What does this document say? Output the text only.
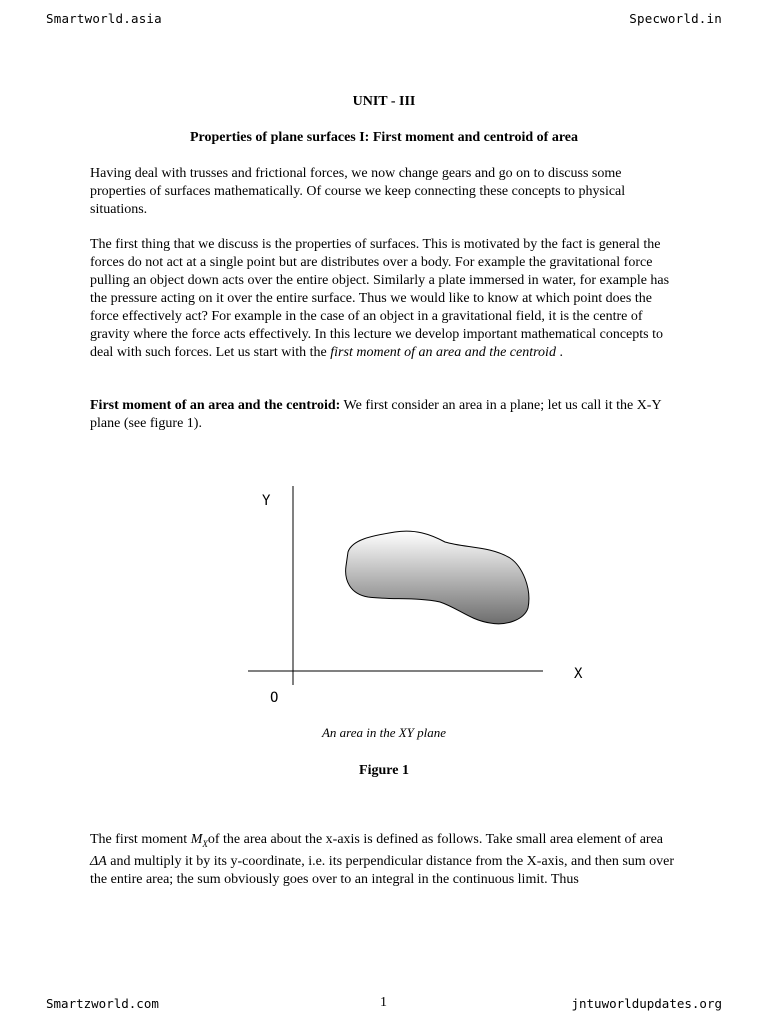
Smartworld.asia	Specworld.in
UNIT - III
Properties of plane surfaces I: First moment and centroid of area

Having deal with trusses and frictional forces, we now change gears and go on to discuss some properties of surfaces mathematically. Of course we keep connecting these concepts to physical situations.

The first thing that we discuss is the properties of surfaces. This is motivated by the fact is general the forces do not act at a single point but are distributes over a body. For example the gravitational force pulling an object down acts over the entire object. Similarly a plate immersed in water, for example has the pressure acting on it over the entire surface. Thus we would like to know at which point does the force effectively act? For example in the case of an object in a gravitational field, it is the centre of gravity where the force acts effectively. In this lecture we develop important mathematical concepts to deal with such forces. Let us start with the first moment of an area and the centroid .

First moment of an area and the centroid: We first consider an area in a plane; let us call it the X-Y plane (see figure 1).

Y
X
O
An area in the XY plane
Figure 1

The first moment $M_Xof$ the area about the x-axis is defined as follows. Take small area element of area ΔA and multiply it by its y-coordinate, i.e. its perpendicular distance from the X-axis, and then sum over the entire area; the sum obviously goes over to an integral in the continuous limit. Thus

Smartzworld.com	1	jntuworldupdates.org
